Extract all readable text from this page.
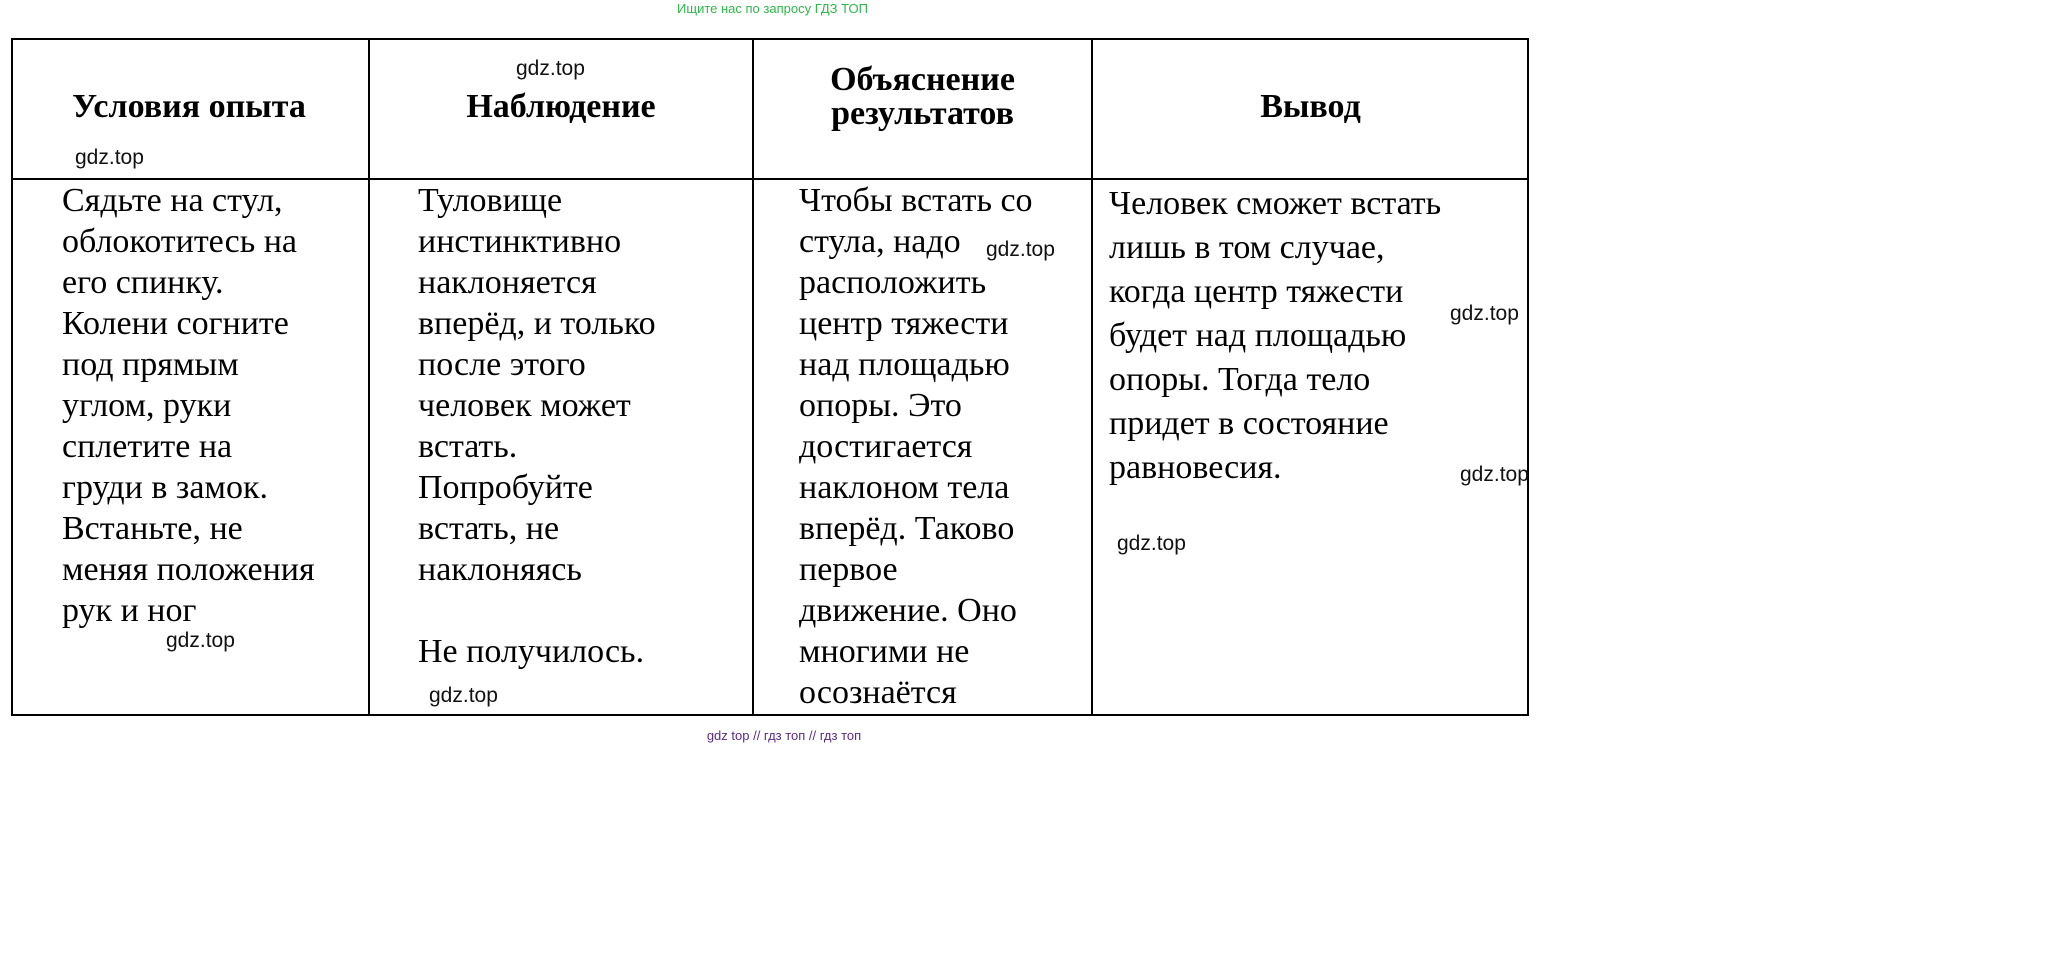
Ищите нас по запросу ГДЗ ТОП
Условия опыта	Наблюдение
Объяснение
результатов	Вывод
Сядьте на стул,
облокотитесь на
его спинку.
Колени согните
под прямым
углом, руки
сплетите на
груди в замок.
Встаньте, не
меняя положения
рук и ног
Туловище
инстинктивно
наклоняется
вперёд, и только
после этого
человек может
встать.
Попробуйте
встать, не
наклоняясь

Не получилось.
Чтобы встать со
стула, надо
расположить
центр тяжести
над площадью
опоры. Это
достигается
наклоном тела
вперёд. Таково
первое
движение. Оно
многими не
осознаётся
Человек сможет встать
лишь в том случае,
когда центр тяжести
будет над площадью
опоры. Тогда тело
придет в состояние
равновесия.
gdz.top
gdz.top
gdz.top
gdz.top
gdz.top
gdz.top
gdz.top
gdz.top
gdz top // гдз топ // гдз топ
